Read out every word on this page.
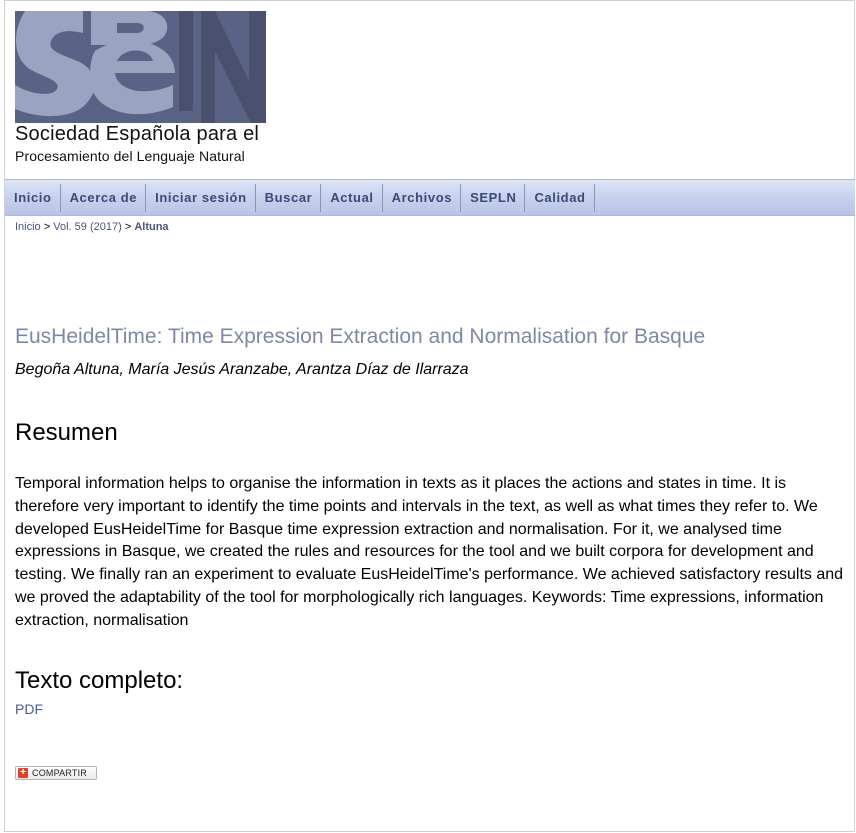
Sociedad Española para el
Procesamiento del Lenguaje Natural
Inicio	Acerca de	Iniciar sesión	Buscar	Actual	Archivos	SEPLN	Calidad
Inicio > Vol. 59 (2017) > Altuna
EusHeidelTime: Time Expression Extraction and Normalisation for Basque
Begoña Altuna, María Jesús Aranzabe, Arantza Díaz de Ilarraza
Resumen
Temporal information helps to organise the information in texts as it places the actions and states in time. It is therefore very important to identify the time points and intervals in the text, as well as what times they refer to. We developed EusHeidelTime for Basque time expression extraction and normalisation. For it, we analysed time expressions in Basque, we created the rules and resources for the tool and we built corpora for development and testing. We finally ran an experiment to evaluate EusHeidelTime's performance. We achieved satisfactory results and we proved the adaptability of the tool for morphologically rich languages. Keywords: Time expressions, information extraction, normalisation
Texto completo:
PDF
+ COMPARTIR
